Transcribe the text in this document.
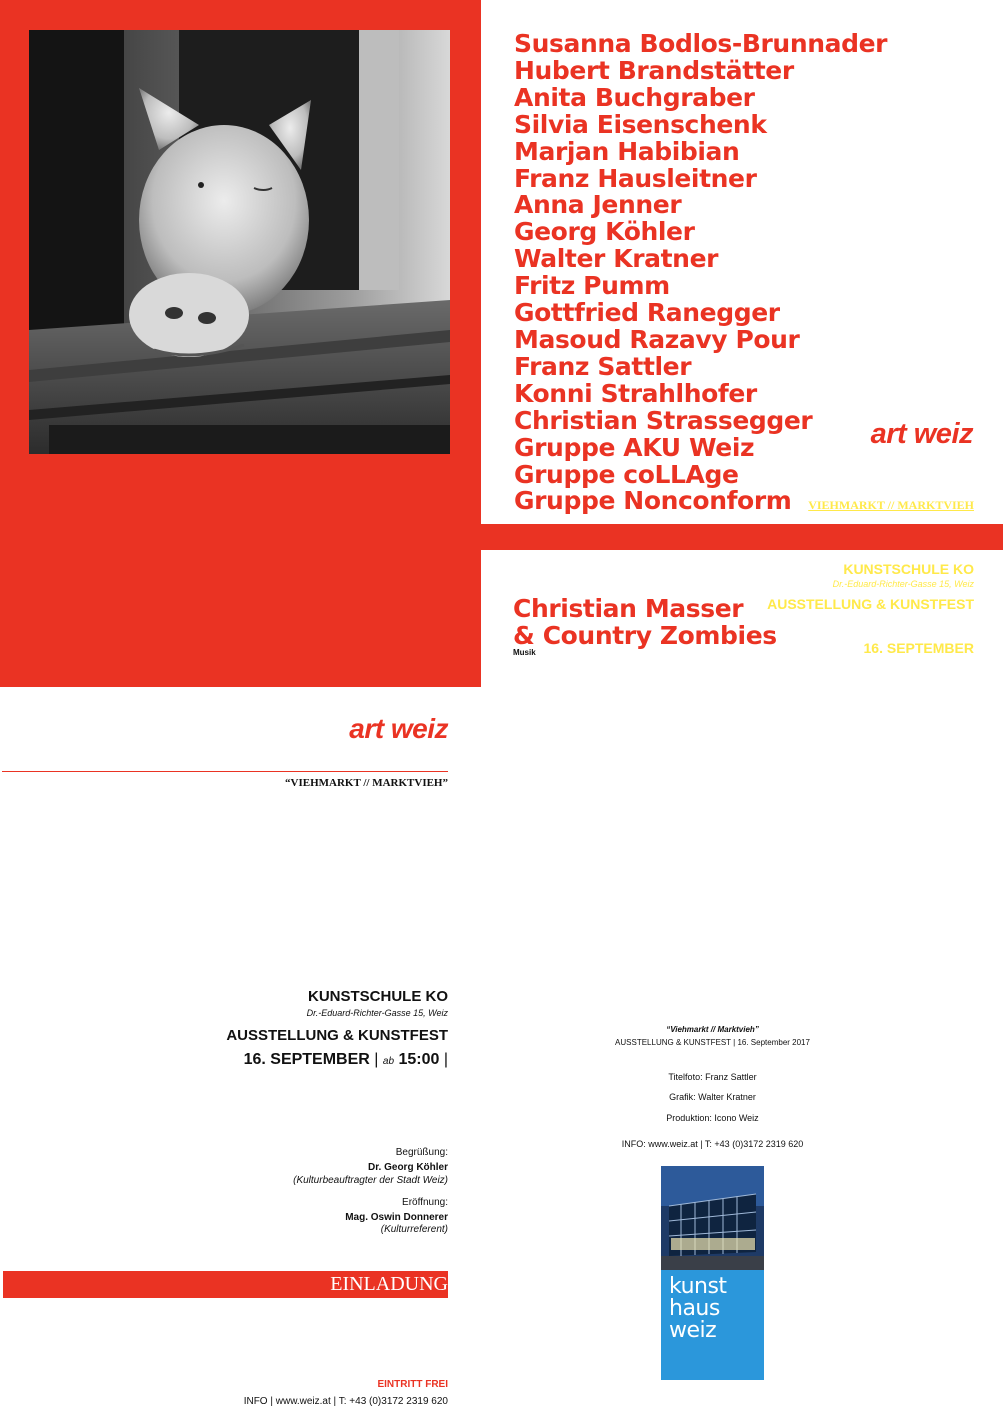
art weiz
VIEHMARKT // MARKTVIEH
KUNSTSCHULE KO
Dr.-Eduard-Richter-Gasse 15, Weiz
AUSSTELLUNG & KUNSTFEST
16. SEPTEMBER
Susanna Bodlos-Brunnader
Hubert Brandstätter
Anita Buchgraber
Silvia Eisenschenk
Marjan Habibian
Franz Hausleitner
Anna Jenner
Georg Köhler
Walter Kratner
Fritz Pumm
Gottfried Ranegger
Masoud Razavy Pour
Franz Sattler
Konni Strahlhofer
Christian Strassegger
Gruppe AKU Weiz
Gruppe coLLAge
Gruppe Nonconform
Christian Masser
& Country Zombies
Musik
art weiz
“VIEHMARKT // MARKTVIEH”
KUNSTSCHULE KO
Dr.-Eduard-Richter-Gasse 15, Weiz
AUSSTELLUNG & KUNSTFEST
16. SEPTEMBER | ab 15:00 |
Begrüßung:
Dr. Georg Köhler
(Kulturbeauftragter der Stadt Weiz)
Eröffnung:
Mag. Oswin Donnerer
(Kulturreferent)
EINLADUNG
EINTRITT FREI
INFO | www.weiz.at | T: +43 (0)3172 2319 620
“Viehmarkt // Marktvieh”
AUSSTELLUNG & KUNSTFEST | 16. September 2017
Titelfoto: Franz Sattler
Grafik: Walter Kratner
Produktion: Icono Weiz
INFO: www.weiz.at | T: +43 (0)3172 2319 620
kunst
haus
weiz
